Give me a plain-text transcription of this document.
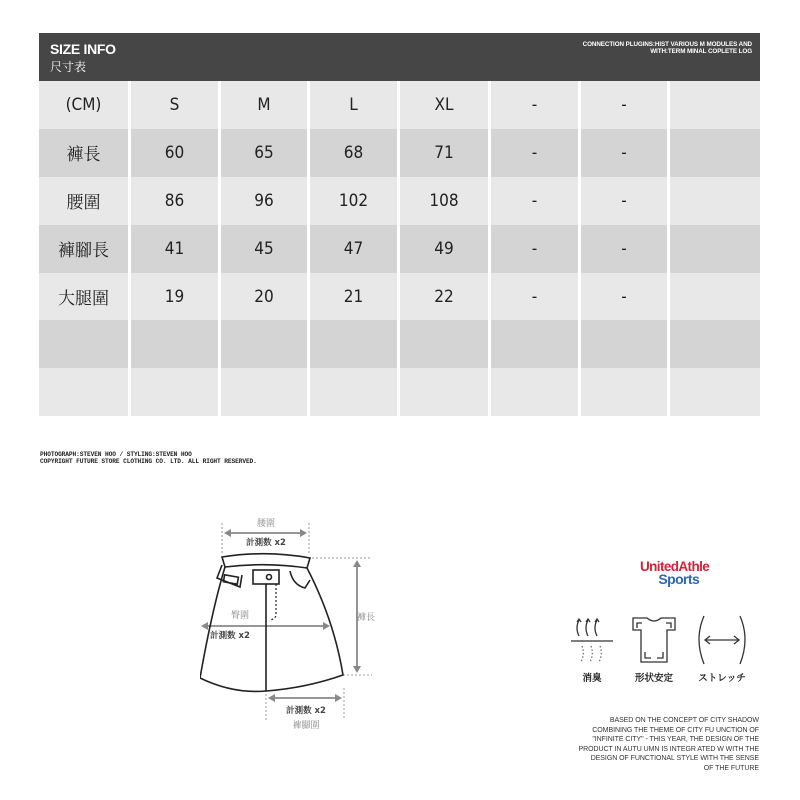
SIZE INFO
尺寸表
CONNECTION PLUGINS:HIST VARIOUS M MODULES AND
WITH:TERM MINAL COPLETE LOG
(CM)	S	M	L	XL	-	-
褲長	60	65	68	71	-	-
腰圍	86	96	102	108	-	-
褲腳長	41	45	47	49	-	-
大腿圍	19	20	21	22	-	-
PHOTOGRAPH:STEVEN HOO / STYLING:STEVEN HOO
COPYRIGHT FUTURE STORE CLOTHING CO. LTD. ALL RIGHT RESERVED.
腰圍
褲長
臀圍
褲腳圍
計測数 x2
計測数 x2
計測数 x2
UnitedAthle
Sports
消臭	形状安定	ストレッチ
BASED ON THE CONCEPT OF CITY SHADOW
COMBINING THE THEME OF CITY FU UNCTION OF
"INFINITE CITY" - THIS YEAR, THE DESIGN OF THE
PRODUCT IN AUTU UMN IS INTEGR ATED W WITH THE
DESIGN OF FUNCTIONAL STYLE WITH THE SENSE
OF THE FUTURE
